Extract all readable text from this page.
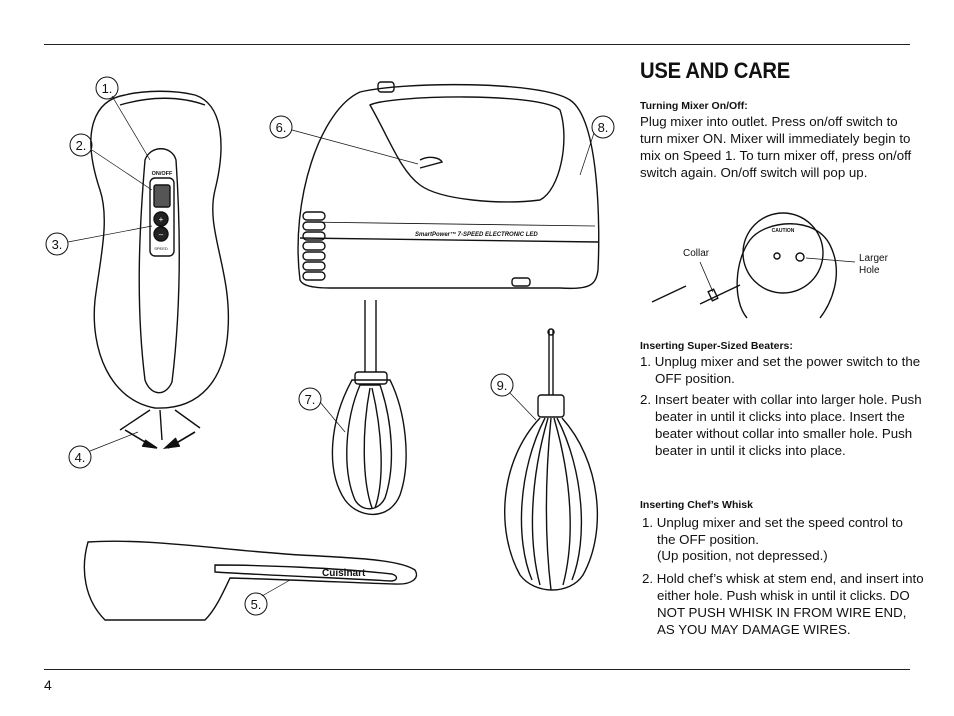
1.
2.
3.
4.
5.
6.
7.
8.
9.
ON/OFF
+
–
SPEED
SmartPower™ 7-SPEED ELECTRONIC LED
Cuisinart
Collar	Larger
Hole
CAUTION
USE AND CARE
Turning Mixer On/Off:
Plug mixer into outlet. Press on/off switch to turn mixer ON. Mixer will immediately begin to mix on Speed 1. To turn mixer off, press on/off switch again. On/off switch will pop up.
Inserting Super-Sized Beaters:
1. Unplug mixer and set the power switch to the OFF position.
2. Insert beater with collar into larger hole. Push beater in until it clicks into place. Insert the beater without collar into smaller hole. Push beater in until it clicks into place.
Inserting Chef’s Whisk
1. Unplug mixer and set the speed control to the OFF position.
(Up position, not depressed.)
2. Hold chef’s whisk at stem end, and insert into either hole. Push whisk in until it clicks. DO NOT PUSH WHISK IN FROM WIRE END, AS YOU MAY DAMAGE WIRES.
4
